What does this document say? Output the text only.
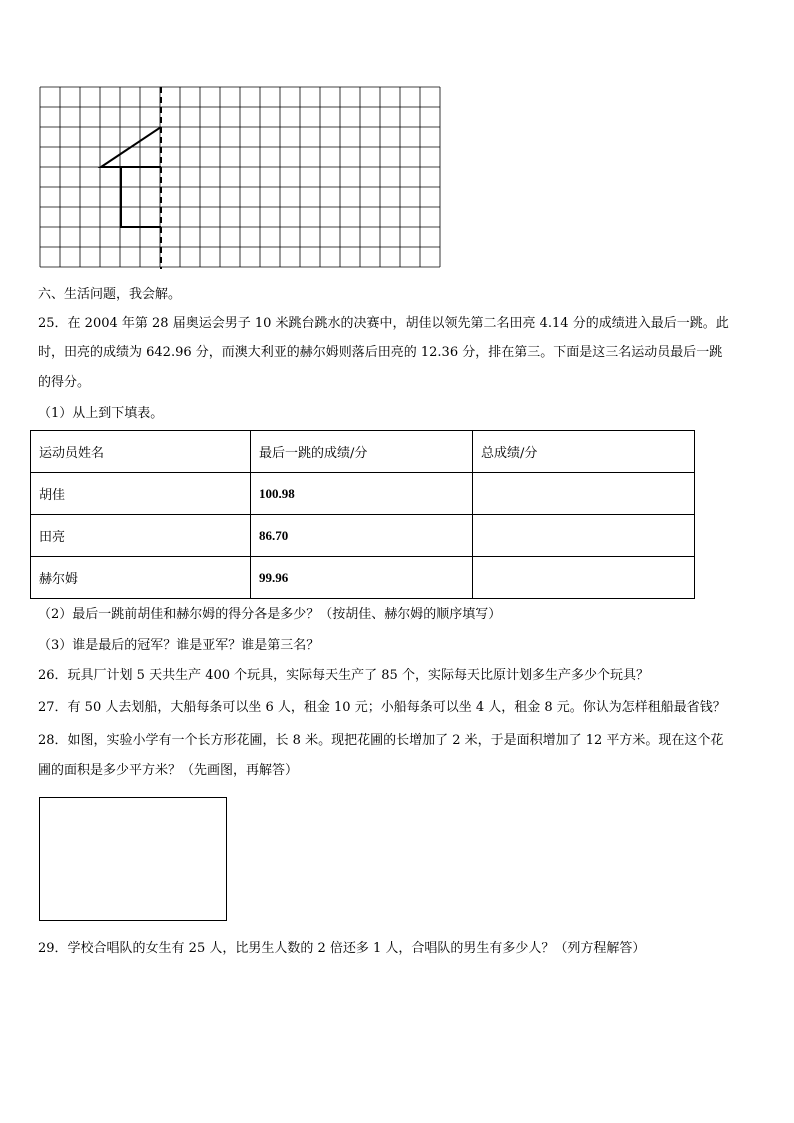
六、生活问题，我会解。
25．在 2004 年第 28 届奥运会男子 10 米跳台跳水的决赛中，胡佳以领先第二名田亮 4.14 分的成绩进入最后一跳。此
时，田亮的成绩为 642.96 分，而澳大利亚的赫尔姆则落后田亮的 12.36 分，排在第三。下面是这三名运动员最后一跳
的得分。
（1）从上到下填表。
运动员姓名	最后一跳的成绩/分	总成绩/分
胡佳	100.98	
田亮	86.70	
赫尔姆	99.96	
（2）最后一跳前胡佳和赫尔姆的得分各是多少？（按胡佳、赫尔姆的顺序填写）
（3）谁是最后的冠军？谁是亚军？谁是第三名？
26．玩具厂计划 5 天共生产 400 个玩具，实际每天生产了 85 个，实际每天比原计划多生产多少个玩具？
27．有 50 人去划船，大船每条可以坐 6 人，租金 10 元；小船每条可以坐 4 人，租金 8 元。你认为怎样租船最省钱？
28．如图，实验小学有一个长方形花圃，长 8 米。现把花圃的长增加了 2 米，于是面积增加了 12 平方米。现在这个花
圃的面积是多少平方米？（先画图，再解答）
29．学校合唱队的女生有 25 人，比男生人数的 2 倍还多 1 人，合唱队的男生有多少人？（列方程解答）
